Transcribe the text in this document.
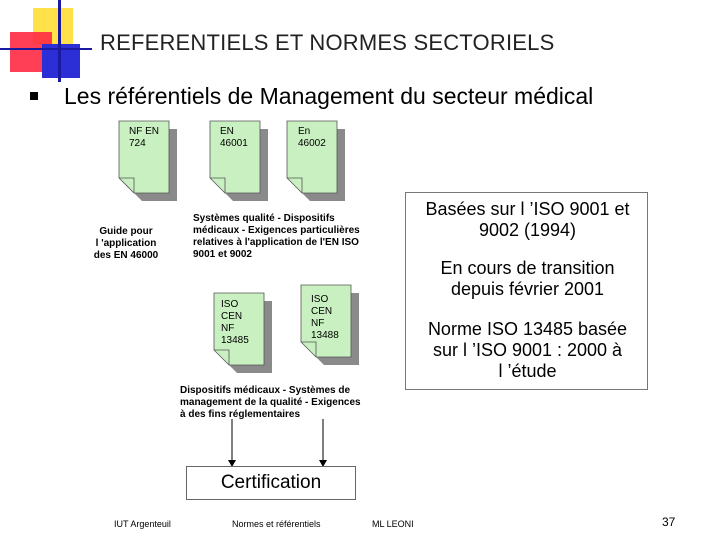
REFERENTIELS ET NORMES SECTORIELS
Les référentiels de Management du secteur médical
NF EN
724
EN
46001
En
46002
ISO
CEN
NF
13485
ISO
CEN
NF
13488
Guide pour
l 'application
des EN 46000
Systèmes qualité - Dispositifs
médicaux - Exigences particulières
relatives à l'application de l'EN ISO
9001 et 9002
Dispositifs médicaux - Systèmes de
management de la qualité - Exigences
à des fins réglementaires
Basées sur l ’ISO 9001 et
9002 (1994)
En cours de transition
depuis février 2001
Norme ISO 13485 basée
sur l ’ISO 9001 : 2000 à
l ’étude
Certification
IUT Argenteuil	Normes et référentiels	ML LEONI	37
